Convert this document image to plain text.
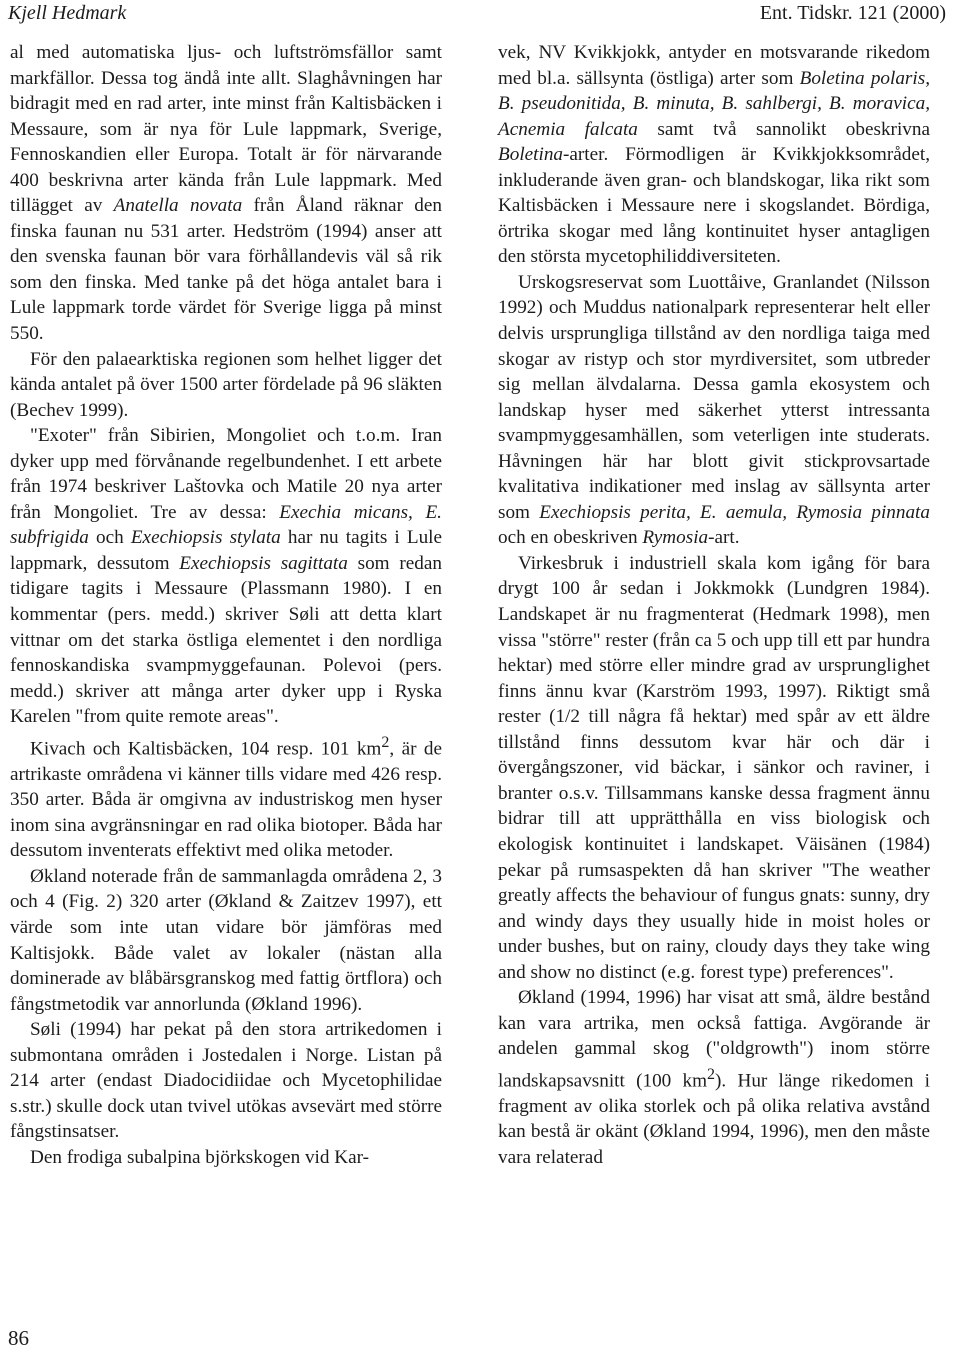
Kjell Hedmark	Ent. Tidskr. 121 (2000)

al med automatiska ljus- och luftströmsfällor samt markfällor. Dessa tog ändå inte allt. Slaghåvningen har bidragit med en rad arter, inte minst från Kaltisbäcken i Messaure, som är nya för Lule lappmark, Sverige, Fennoskandien eller Europa. Totalt är för närvarande 400 beskrivna arter kända från Lule lappmark. Med tillägget av Anatella novata från Åland räknar den finska faunan nu 531 arter. Hedström (1994) anser att den svenska faunan bör vara förhållandevis väl så rik som den finska. Med tanke på det höga antalet bara i Lule lappmark torde värdet för Sverige ligga på minst 550.

För den palaearktiska regionen som helhet ligger det kända antalet på över 1500 arter fördelade på 96 släkten (Bechev 1999).

"Exoter" från Sibirien, Mongoliet och t.o.m. Iran dyker upp med förvånande regelbundenhet. I ett arbete från 1974 beskriver Laštovka och Matile 20 nya arter från Mongoliet. Tre av dessa: Exechia micans, E. subfrigida och Exechiopsis stylata har nu tagits i Lule lappmark, dessutom Exechiopsis sagittata som redan tidigare tagits i Messaure (Plassmann 1980). I en kommentar (pers. medd.) skriver Søli att detta klart vittnar om det starka östliga elementet i den nordliga fennoskandiska svampmyggefaunan. Polevoi (pers. medd.) skriver att många arter dyker upp i Ryska Karelen "from quite remote areas".

Kivach och Kaltisbäcken, 104 resp. 101 $km^2$, är de artrikaste områdena vi känner tills vidare med 426 resp. 350 arter. Båda är omgivna av industriskog men hyser inom sina avgränsningar en rad olika biotoper. Båda har dessutom inventerats effektivt med olika metoder.

Økland noterade från de sammanlagda områdena 2, 3 och 4 (Fig. 2) 320 arter (Økland & Zaitzev 1997), ett värde som inte utan vidare bör jämföras med Kaltisjokk. Både valet av lokaler (nästan alla dominerade av blåbärsgranskog med fattig örtflora) och fångstmetodik var annorlunda (Økland 1996).

Søli (1994) har pekat på den stora artrikedomen i submontana områden i Jostedalen i Norge. Listan på 214 arter (endast Diadocidiidae och Mycetophilidae s.str.) skulle dock utan tvivel utökas avsevärt med större fångstinsatser.

Den frodiga subalpina björkskogen vid Kar-

vek, NV Kvikkjokk, antyder en motsvarande rikedom med bl.a. sällsynta (östliga) arter som Boletina polaris, B. pseudonitida, B. minuta, B. sahlbergi, B. moravica, Acnemia falcata samt två sannolikt obeskrivna Boletina-arter. Förmodligen är Kvikkjokksområdet, inkluderande även gran- och blandskogar, lika rikt som Kaltisbäcken i Messaure nere i skogslandet. Bördiga, örtrika skogar med lång kontinuitet hyser antagligen den största mycetophiliddiversiteten.

Urskogsreservat som Luottåive, Granlandet (Nilsson 1992) och Muddus nationalpark representerar helt eller delvis ursprungliga tillstånd av den nordliga taiga med skogar av ristyp och stor myrdiversitet, som utbreder sig mellan älvdalarna. Dessa gamla ekosystem och landskap hyser med säkerhet ytterst intressanta svampmyggesamhällen, som veterligen inte studerats. Håvningen här har blott givit stickprovsartade kvalitativa indikationer med inslag av sällsynta arter som Exechiopsis perita, E. aemula, Rymosia pinnata och en obeskriven Rymosia-art.

Virkesbruk i industriell skala kom igång för bara drygt 100 år sedan i Jokkmokk (Lundgren 1984). Landskapet är nu fragmenterat (Hedmark 1998), men vissa "större" rester (från ca 5 och upp till ett par hundra hektar) med större eller mindre grad av ursprunglighet finns ännu kvar (Karström 1993, 1997). Riktigt små rester (1/2 till några få hektar) med spår av ett äldre tillstånd finns dessutom kvar här och där i övergångszoner, vid bäckar, i sänkor och raviner, i branter o.s.v. Tillsammans kanske dessa fragment ännu bidrar till att upprätthålla en viss biologisk och ekologisk kontinuitet i landskapet. Väisänen (1984) pekar på rumsaspekten då han skriver "The weather greatly affects the behaviour of fungus gnats: sunny, dry and windy days they usually hide in moist holes or under bushes, but on rainy, cloudy days they take wing and show no distinct (e.g. forest type) preferences".

Økland (1994, 1996) har visat att små, äldre bestånd kan vara artrika, men också fattiga. Avgörande är andelen gammal skog ("oldgrowth") inom större landskapsavsnitt (100 $km^2$). Hur länge rikedomen i fragment av olika storlek och på olika relativa avstånd kan bestå är okänt (Økland 1994, 1996), men den måste vara relaterad

86
